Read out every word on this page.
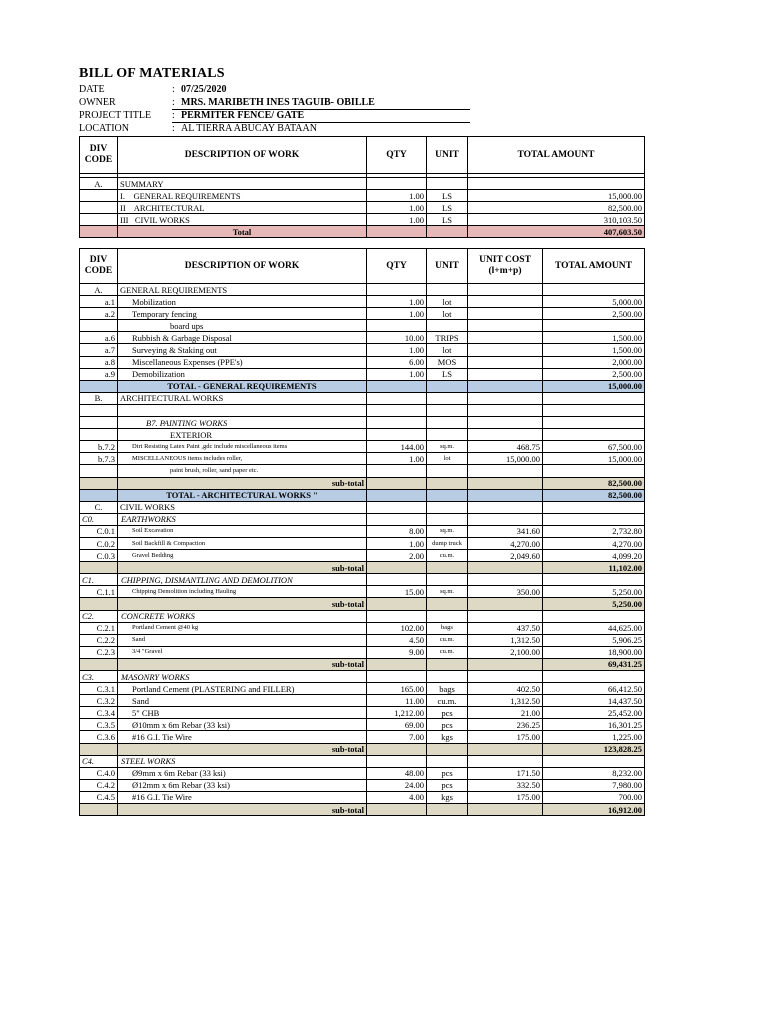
BILL OF MATERIALS
DATE	: 07/25/2020
OWNER	: MRS. MARIBETH INES TAGUIB- OBILLE
PROJECT TITLE : PERMITER FENCE/ GATE
LOCATION	: AL TIERRA ABUCAY BATAAN
DIV CODE	DESCRIPTION OF WORK	QTY	UNIT	TOTAL AMOUNT

A.	SUMMARY			
	I.    GENERAL REQUIREMENTS	1.00	LS	15,000.00
	II    ARCHITECTURAL	1.00	LS	82,500.00
	III   CIVIL WORKS	1.00	LS	310,103.50
	Total			407,603.50
DIV CODE	DESCRIPTION OF WORK	QTY	UNIT	UNIT COST (l+m+p)	TOTAL AMOUNT
A.	GENERAL REQUIREMENTS				
a.1	Mobilization	1.00	lot		5,000.00
a.2	Temporary fencing	1.00	lot		2,500.00
	board ups				
a.6	Rubbish & Garbage Disposal	10.00	TRIPS		1,500.00
a.7	Surveying & Staking out	1.00	lot		1,500.00
a.8	Miscellaneous Expenses (PPE's)	6.00	MOS		2,000.00
a.9	Demobilization	1.00	LS		2,500.00
	TOTAL - GENERAL REQUIREMENTS				15,000.00
B.	ARCHITECTURAL WORKS				

	B7. PAINTING WORKS				
	EXTERIOR				
b.7.2	Dirt Resisting Latex Paint ,gdc include miscellaneous items	144.00	sq.m.	468.75	67,500.00
b.7.3	MISCELLANEOUS items includes roller,	1.00	lot	15,000.00	15,000.00
	paint brush, roller, sand paper etc.				
	sub-total				82,500.00
	TOTAL - ARCHITECTURAL WORKS "				82,500.00
C.	CIVIL WORKS				
C0.	EARTHWORKS				
C.0.1	Soil Excavation	8.00	sq.m.	341.60	2,732.80
C.0.2	Soil Backfill & Compaction	1.00	dump truck	4,270.00	4,270.00
C.0.3	Gravel Bedding	2.00	cu.m.	2,049.60	4,099.20
	sub-total				11,102.00
C1.	CHIPPING, DISMANTLING AND DEMOLITION				
C.1.1	Chipping Demolition including Hauling	15.00	sq.m.	350.00	5,250.00
	sub-total				5,250.00
C2.	CONCRETE WORKS				
C.2.1	Portland Cement @40 kg	102.00	bags	437.50	44,625.00
C.2.2	Sand	4.50	cu.m.	1,312.50	5,906.25
C.2.3	3/4 "Gravel	9.00	cu.m.	2,100.00	18,900.00
	sub-total				69,431.25
C3.	MASONRY WORKS				
C.3.1	Portland Cement (PLASTERING and FILLER)	165.00	bags	402.50	66,412.50
C.3.2	Sand	11.00	cu.m.	1,312.50	14,437.50
C.3.4	5" CHB	1,212.00	pcs	21.00	25,452.00
C.3.5	Ø10mm x 6m Rebar (33 ksi)	69.00	pcs	236.25	16,301.25
C.3.6	#16 G.I. Tie Wire	7.00	kgs	175.00	1,225.00
	sub-total				123,828.25
C4.	STEEL WORKS				
C.4.0	Ø9mm x 6m Rebar (33 ksi)	48.00	pcs	171.50	8,232.00
C.4.2	Ø12mm x 6m Rebar (33 ksi)	24.00	pcs	332.50	7,980.00
C.4.5	#16 G.I. Tie Wire	4.00	kgs	175.00	700.00
	sub-total				16,912.00
